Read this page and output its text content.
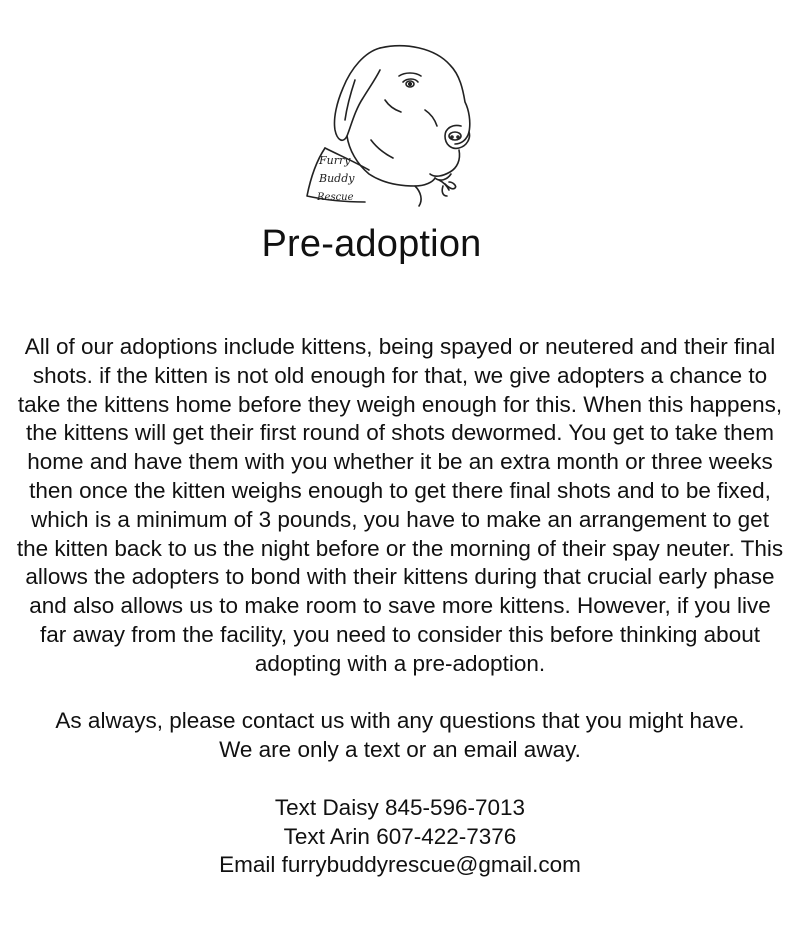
Furry
Buddy
Rescue
Pre-adoption

All of our adoptions include kittens, being spayed or neutered and their final shots. if the kitten is not old enough for that, we give adopters a chance to take the kittens home before they weigh enough for this. When this happens, the kittens will get their first round of shots dewormed. You get to take them home and have them with you whether it be an extra month or three weeks then once the kitten weighs enough to get there final shots and to be fixed, which is a minimum of 3 pounds, you have to make an arrangement to get the kitten back to us the night before or the morning of their spay neuter. This allows the adopters to bond with their kittens during that crucial early phase and also allows us to make room to save more kittens. However, if you live far away from the facility, you need to consider this before thinking about adopting with a pre-adoption.

As always, please contact us with any questions that you might have.
We are only a text or an email away.

Text Daisy 845-596-7013
Text Arin 607-422-7376
Email furrybuddyrescue@gmail.com
